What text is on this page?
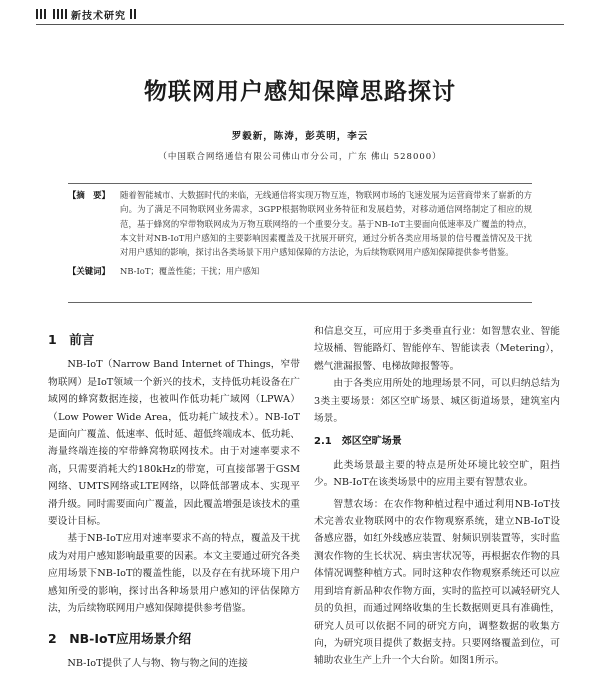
新技术研究
物联网用户感知保障思路探讨
罗毅新，陈涛，彭英明，李云
（中国联合网络通信有限公司佛山市分公司，广东 佛山 528000）
【摘　要】	随着智能城市、大数据时代的来临，无线通信将实现万物互连，物联网市场的飞速发展为运营商带来了崭新的方向。为了满足不同物联网业务需求，3GPP根据物联网业务特征和发展趋势，对移动通信网络制定了相应的规范，基于蜂窝的窄带物联网成为万物互联网络的一个重要分支。基于NB-IoT主要面向低速率及广覆盖的特点，本文针对NB-IoT用户感知的主要影响因素覆盖及干扰展开研究，通过分析各类应用场景的信号覆盖情况及干扰对用户感知的影响，探讨出各类场景下用户感知保障的方法论，为后续物联网用户感知保障提供参考借鉴。
【关键词】	NB-IoT；覆盖性能；干扰；用户感知
1　前言

NB-IoT（Narrow Band Internet of Things，窄带物联网）是IoT领域一个新兴的技术，支持低功耗设备在广域网的蜂窝数据连接，也被叫作低功耗广域网（LPWA）（Low Power Wide Area，低功耗广域技术）。NB-IoT是面向广覆盖、低速率、低时延、超低终端成本、低功耗、海量终端连接的窄带蜂窝物联网技术。由于对速率要求不高，只需要消耗大约180kHz的带宽，可直接部署于GSM网络、UMTS网络或LTE网络，以降低部署成本、实现平滑升级。同时需要面向广覆盖，因此覆盖增强是该技术的重要设计目标。

基于NB-IoT应用对速率要求不高的特点，覆盖及干扰成为对用户感知影响最重要的因素。本文主要通过研究各类应用场景下NB-IoT的覆盖性能，以及存在有扰环境下用户感知所受的影响，探讨出各种场景用户感知的评估保障方法，为后续物联网用户感知保障提供参考借鉴。

2　NB-IoT应用场景介绍

NB-IoT提供了人与物、物与物之间的连接

和信息交互，可应用于多类垂直行业：如智慧农业、智能垃圾桶、智能路灯、智能停车、智能读表（Metering），燃气泄漏报警、电梯故障报警等。

由于各类应用所处的地理场景不同，可以归纳总结为3类主要场景：郊区空旷场景、城区街道场景，建筑室内场景。

2.1　郊区空旷场景

此类场景最主要的特点是所处环境比较空旷，阻挡少。NB-IoT在该类场景中的应用主要有智慧农业。

智慧农场：在农作物种植过程中通过利用NB-IoT技术完善农业物联网中的农作物观察系统，建立NB-IoT设备感应器，如红外线感应装置、射频识别装置等，实时监测农作物的生长状况、病虫害状况等，再根据农作物的具体情况调整种植方式。同时这种农作物观察系统还可以应用到培育新品种农作物方面，实时的监控可以减轻研究人员的负担，而通过网络收集的生长数据则更具有准确性，研究人员可以依据不同的研究方向，调整数据的收集方向，为研究项目提供了数据支持。只要网络覆盖到位，可辅助农业生产上升一个大台阶。如图1所示。
